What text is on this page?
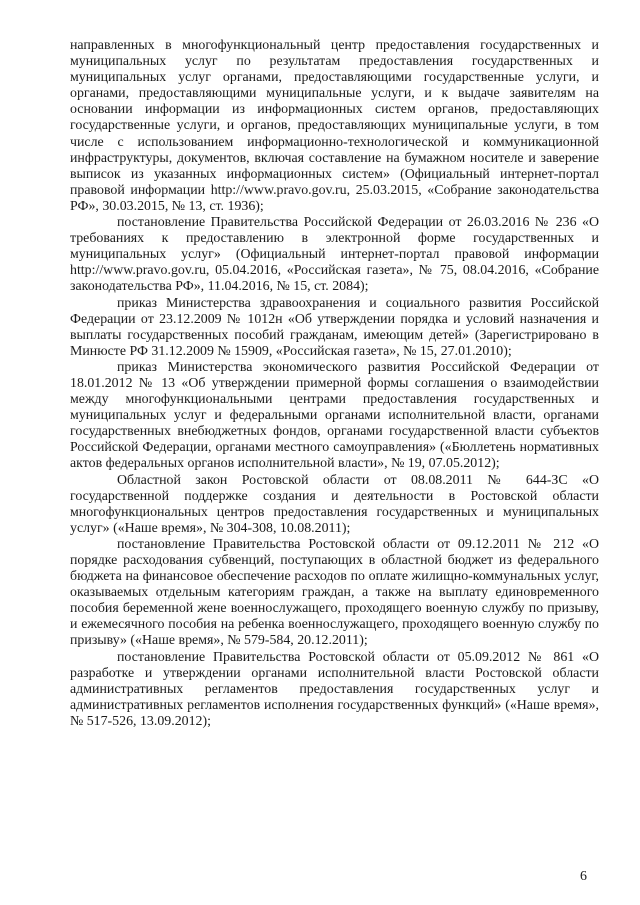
направленных в многофункциональный центр предоставления государственных и муниципальных услуг по результатам предоставления государственных и муниципальных услуг органами, предоставляющими государственные услуги, и органами, предоставляющими муниципальные услуги, и к выдаче заявителям на основании информации из информационных систем органов, предоставляющих государственные услуги, и органов, предоставляющих муниципальные услуги, в том числе с использованием информационно-технологической и коммуникационной инфраструктуры, документов, включая составление на бумажном носителе и заверение выписок из указанных информационных систем» (Официальный интернет-портал правовой информации http://www.pravo.gov.ru, 25.03.2015, «Собрание законодательства РФ», 30.03.2015, № 13, ст. 1936);

постановление Правительства Российской Федерации от 26.03.2016 № 236 «О требованиях к предоставлению в электронной форме государственных и муниципальных услуг» (Официальный интернет-портал правовой информации http://www.pravo.gov.ru, 05.04.2016, «Российская газета», № 75, 08.04.2016, «Собрание законодательства РФ», 11.04.2016, № 15, ст. 2084);

приказ Министерства здравоохранения и социального развития Российской Федерации от 23.12.2009 № 1012н «Об утверждении порядка и условий назначения и выплаты государственных пособий гражданам, имеющим детей» (Зарегистрировано в Минюсте РФ 31.12.2009 № 15909, «Российская газета», № 15, 27.01.2010);

приказ Министерства экономического развития Российской Федерации от 18.01.2012 № 13 «Об утверждении примерной формы соглашения о взаимодействии между многофункциональными центрами предоставления государственных и муниципальных услуг и федеральными органами исполнительной власти, органами государственных внебюджетных фондов, органами государственной власти субъектов Российской Федерации, органами местного самоуправления» («Бюллетень нормативных актов федеральных органов исполнительной власти», № 19, 07.05.2012);

Областной закон Ростовской области от 08.08.2011 № 644-ЗС «О государственной поддержке создания и деятельности в Ростовской области многофункциональных центров предоставления государственных и муниципальных услуг» («Наше время», № 304-308, 10.08.2011);

постановление Правительства Ростовской области от 09.12.2011 № 212 «О порядке расходования субвенций, поступающих в областной бюджет из федерального бюджета на финансовое обеспечение расходов по оплате жилищно-коммунальных услуг, оказываемых отдельным категориям граждан, а также на выплату единовременного пособия беременной жене военнослужащего, проходящего военную службу по призыву, и ежемесячного пособия на ребенка военнослужащего, проходящего военную службу по призыву» («Наше время», № 579-584, 20.12.2011);

постановление Правительства Ростовской области от 05.09.2012 № 861 «О разработке и утверждении органами исполнительной власти Ростовской области административных регламентов предоставления государственных услуг и административных регламентов исполнения государственных функций» («Наше время», № 517-526, 13.09.2012);

6
